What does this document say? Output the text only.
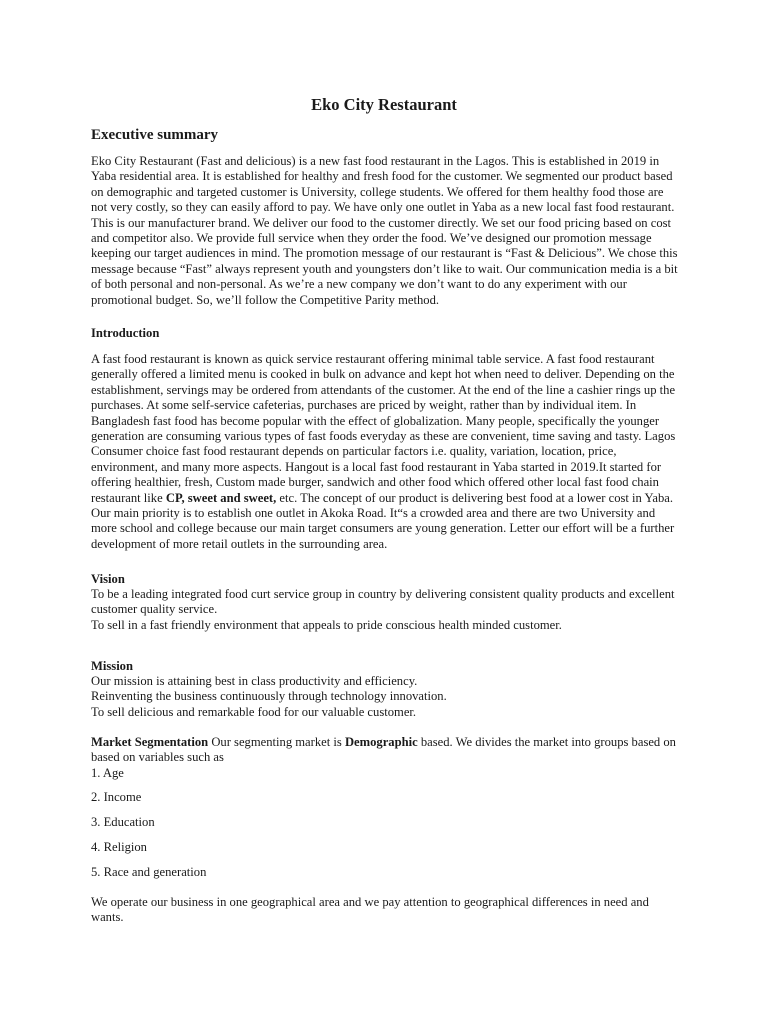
Eko City Restaurant
Executive summary
Eko City Restaurant (Fast and delicious) is a new fast food restaurant in the Lagos. This is established in 2019 in
Yaba residential area. It is established for healthy and fresh food for the customer. We segmented our product based
on demographic and targeted customer is University, college students. We offered for them healthy food those are
not very costly, so they can easily afford to pay. We have only one outlet in Yaba as a new local fast food restaurant.
This is our manufacturer brand. We deliver our food to the customer directly. We set our food pricing based on cost
and competitor also. We provide full service when they order the food. We’ve designed our promotion message
keeping our target audiences in mind. The promotion message of our restaurant is “Fast & Delicious”. We chose this
message because “Fast” always represent youth and youngsters don’t like to wait. Our communication media is a bit
of both personal and non-personal. As we’re a new company we don’t want to do any experiment with our
promotional budget. So, we’ll follow the Competitive Parity method.
Introduction
A fast food restaurant is known as quick service restaurant offering minimal table service. A fast food restaurant
generally offered a limited menu is cooked in bulk on advance and kept hot when need to deliver. Depending on the
establishment, servings may be ordered from attendants of the customer. At the end of the line a cashier rings up the
purchases. At some self-service cafeterias, purchases are priced by weight, rather than by individual item. In
Bangladesh fast food has become popular with the effect of globalization. Many people, specifically the younger
generation are consuming various types of fast foods everyday as these are convenient, time saving and tasty. Lagos
Consumer choice fast food restaurant depends on particular factors i.e. quality, variation, location, price,
environment, and many more aspects. Hangout is a local fast food restaurant in Yaba started in 2019.It started for
offering healthier, fresh, Custom made burger, sandwich and other food which offered other local fast food chain
restaurant like CP, sweet and sweet, etc. The concept of our product is delivering best food at a lower cost in Yaba.
Our main priority is to establish one outlet in Akoka Road. It“s a crowded area and there are two University and
more school and college because our main target consumers are young generation. Letter our effort will be a further
development of more retail outlets in the surrounding area.
Vision
To be a leading integrated food curt service group in country by delivering consistent quality products and excellent
customer quality service.
To sell in a fast friendly environment that appeals to pride conscious health minded customer.
Mission
Our mission is attaining best in class productivity and efficiency.
Reinventing the business continuously through technology innovation.
To sell delicious and remarkable food for our valuable customer.
Market Segmentation Our segmenting market is Demographic based. We divides the market into groups based on
based on variables such as
1. Age
2. Income
3. Education
4. Religion
5. Race and generation
We operate our business in one geographical area and we pay attention to geographical differences in need and
wants.
